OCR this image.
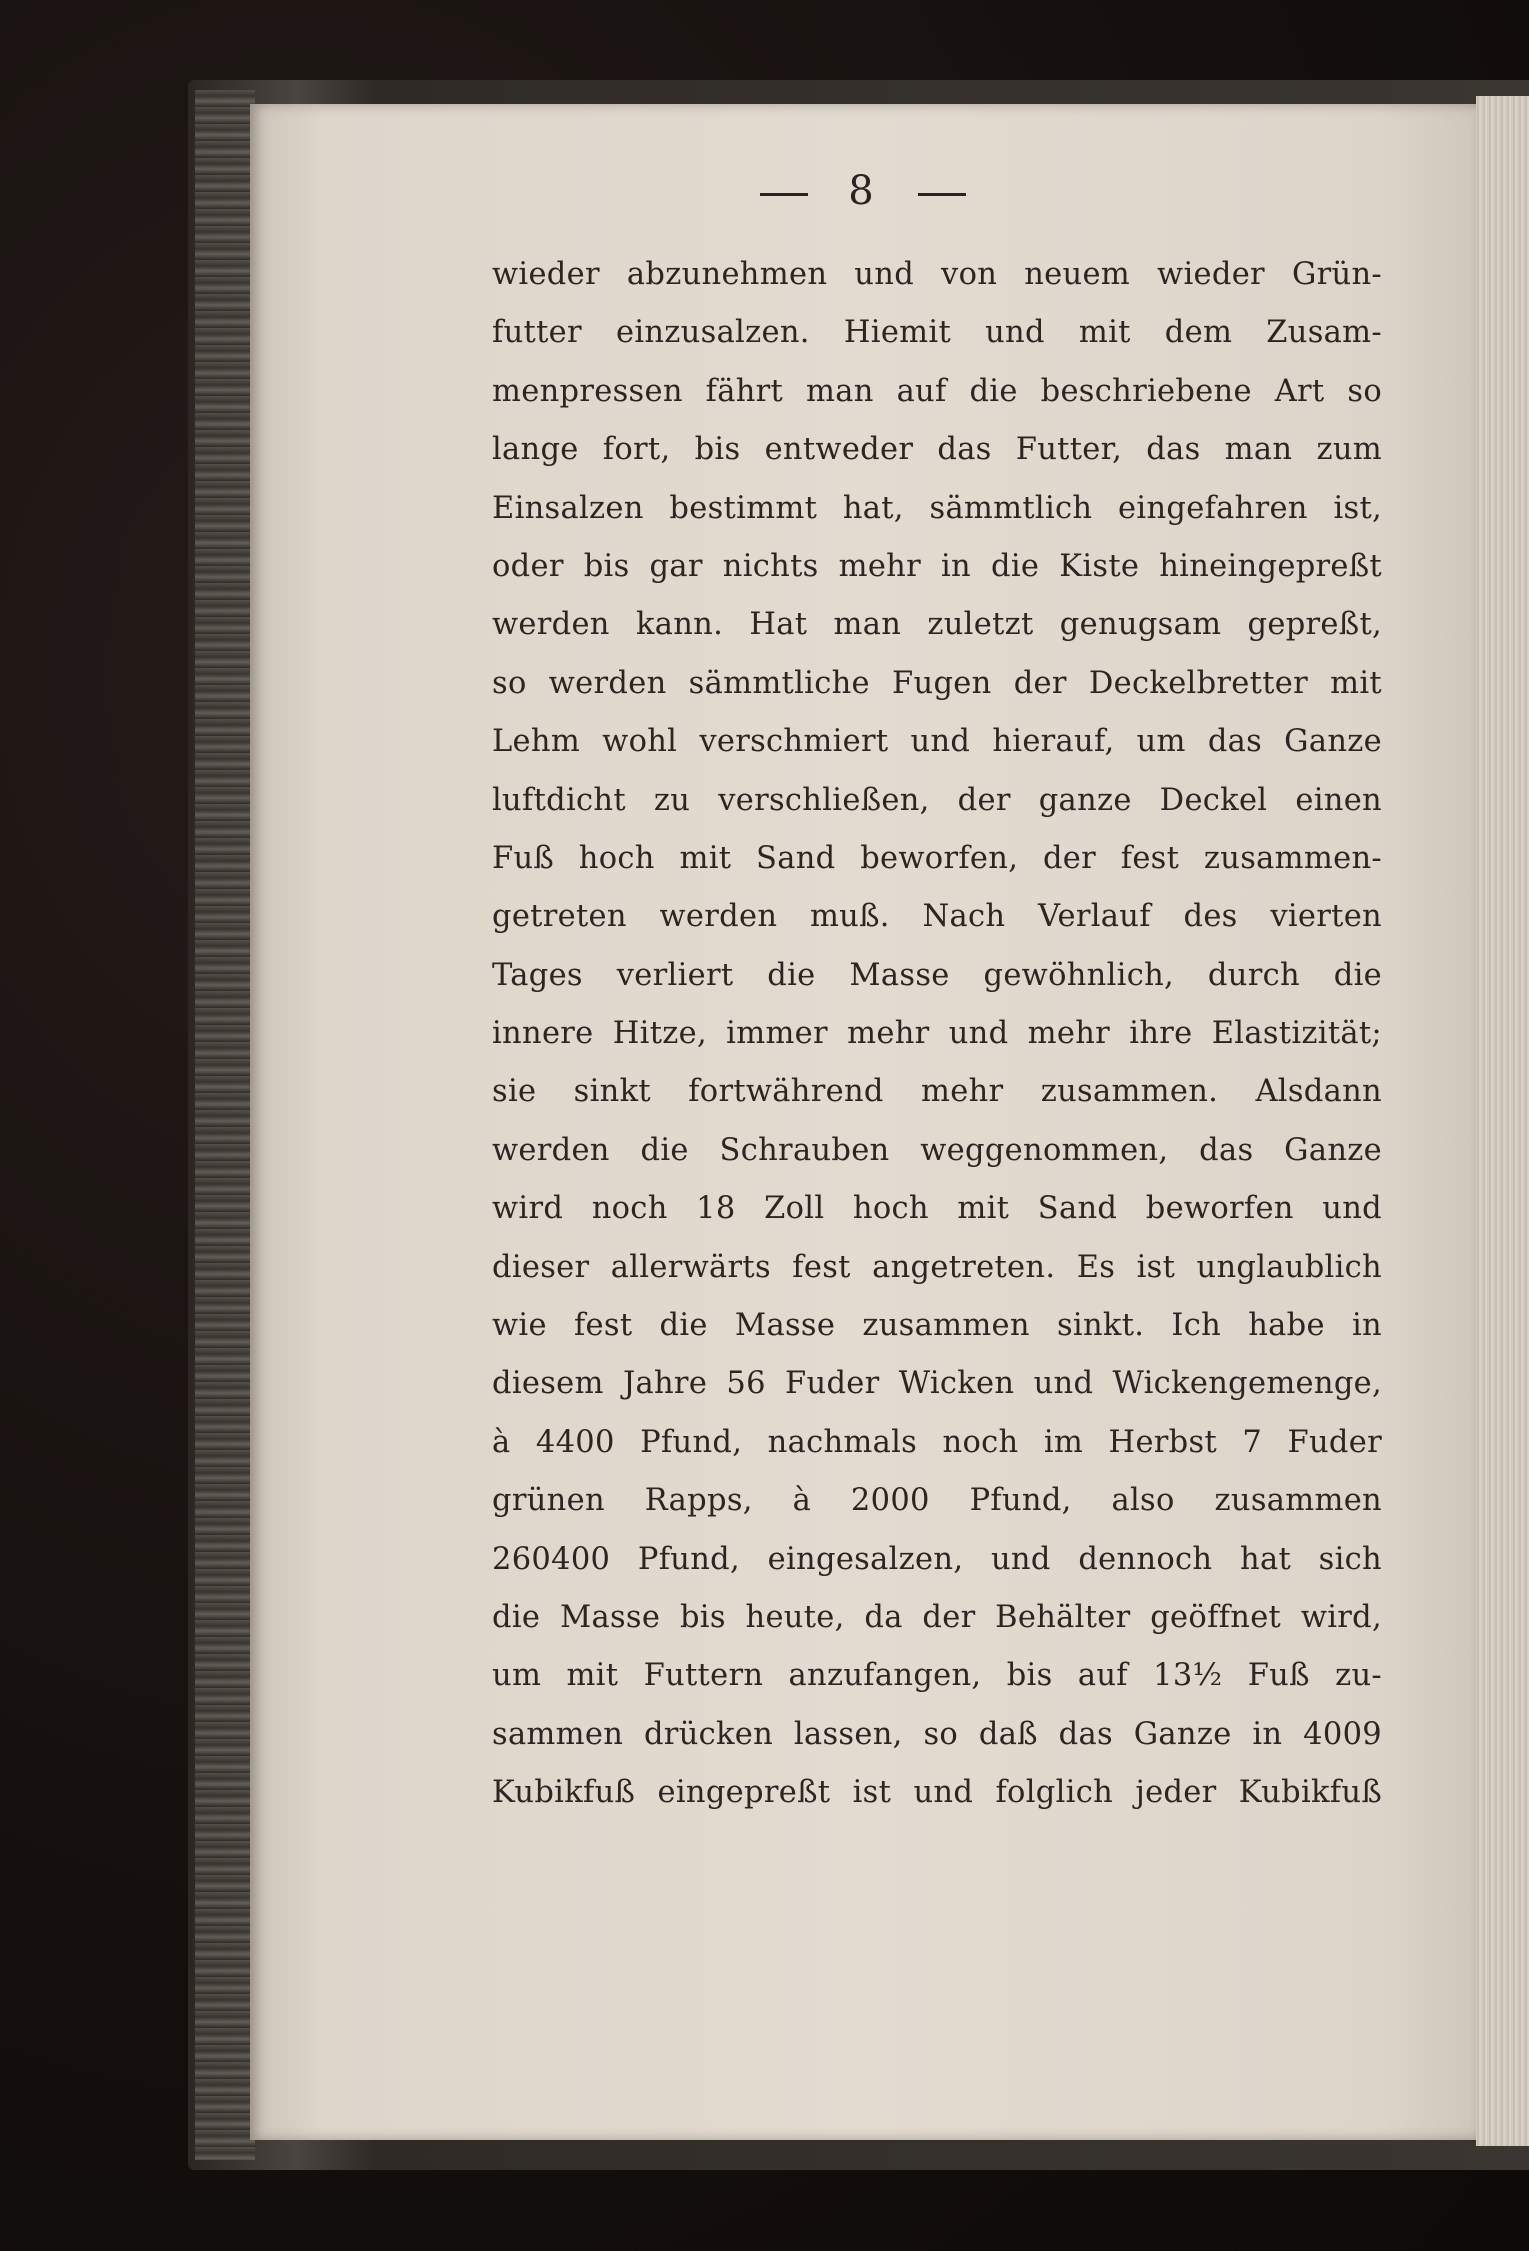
8
wieder abzunehmen und von neuem wieder Grün-
futter einzusalzen. Hiemit und mit dem Zusam-
menpressen fährt man auf die beschriebene Art so
lange fort, bis entweder das Futter, das man zum
Einsalzen bestimmt hat, sämmtlich eingefahren ist,
oder bis gar nichts mehr in die Kiste hineingepreßt
werden kann. Hat man zuletzt genugsam gepreßt,
so werden sämmtliche Fugen der Deckelbretter mit
Lehm wohl verschmiert und hierauf, um das Ganze
luftdicht zu verschließen, der ganze Deckel einen
Fuß hoch mit Sand beworfen, der fest zusammen-
getreten werden muß. Nach Verlauf des vierten
Tages verliert die Masse gewöhnlich, durch die
innere Hitze, immer mehr und mehr ihre Elastizität;
sie sinkt fortwährend mehr zusammen. Alsdann
werden die Schrauben weggenommen, das Ganze
wird noch 18 Zoll hoch mit Sand beworfen und
dieser allerwärts fest angetreten. Es ist unglaublich
wie fest die Masse zusammen sinkt. Ich habe in
diesem Jahre 56 Fuder Wicken und Wickengemenge,
à 4400 Pfund, nachmals noch im Herbst 7 Fuder
grünen Rapps, à 2000 Pfund, also zusammen
260400 Pfund, eingesalzen, und dennoch hat sich
die Masse bis heute, da der Behälter geöffnet wird,
um mit Futtern anzufangen, bis auf 13½ Fuß zu-
sammen drücken lassen, so daß das Ganze in 4009
Kubikfuß eingepreßt ist und folglich jeder Kubikfuß
